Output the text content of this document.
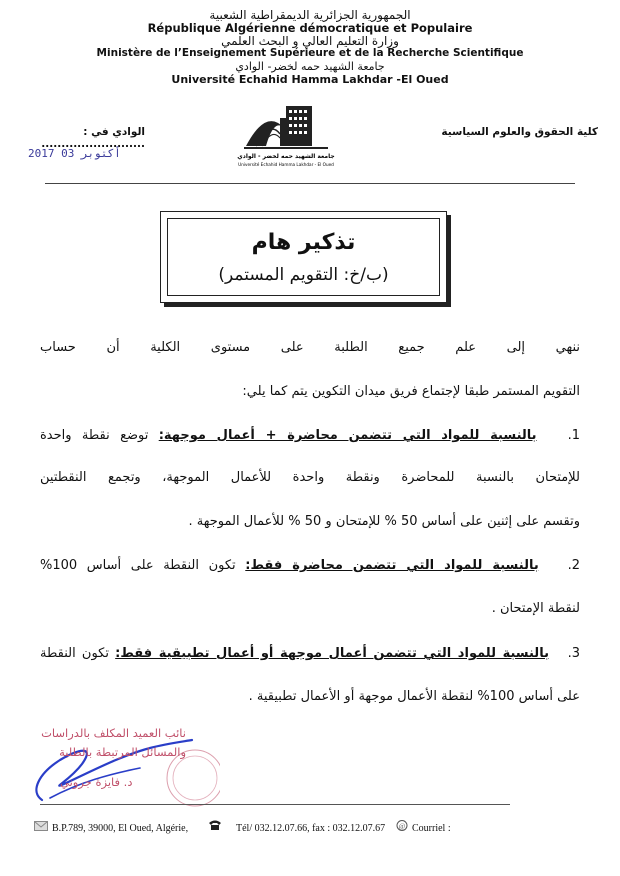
الجمهورية الجزائرية الديمقراطية الشعبية
République Algérienne démocratique et Populaire
وزارة التعليم العالي و البحث العلمي
Ministère de l’Enseignement Supérieure et de la Recherche Scientifique
جامعة الشهيد حمه لخضر- الوادي
Université Echahid Hamma Lakhdar -El Oued
كلية الحقوق والعلوم السياسية
الوادي في : ..........................
2017 أكتوبر 03	جامعة الشهيد حمه لخضر - الوادي
Université Echahid Hamma Lakhdar - El Oued
تذكير هام
(ب/خ: التقويم المستمر)
ننهي إلى علم جميع الطلبة على مستوى الكلية أن حساب
التقويم المستمر طبقا لإجتماع فريق ميدان التكوين يتم كما يلي:
1.   بالنسبة للمواد التي تتضمن محاضرة + أعمال موجهة: توضع نقطة واحدة
للإمتحان بالنسبة للمحاضرة ونقطة واحدة للأعمال الموجهة، وتجمع النقطتين
وتقسم على إثنين على أساس 50 % للإمتحان و 50 % للأعمال الموجهة .
2.   بالنسبة للمواد التي تتضمن محاضرة فقط: تكون النقطة على أساس 100%
لنقطة الإمتحان .
3.   بالنسبة للمواد التي تتضمن أعمال موجهة أو أعمال تطبيقية فقط: تكون النقطة
على أساس 100% لنقطة الأعمال موجهة أو الأعمال تطبيقية .
نائب العميد المكلف بالدراسات
والمسائل المرتبطة بالطلبة
د. فايزة جروني
B.P.789, 39000, El Oued, Algérie,	Tél/ 032.12.07.66, fax : 032.12.07.67 @ Courriel :
